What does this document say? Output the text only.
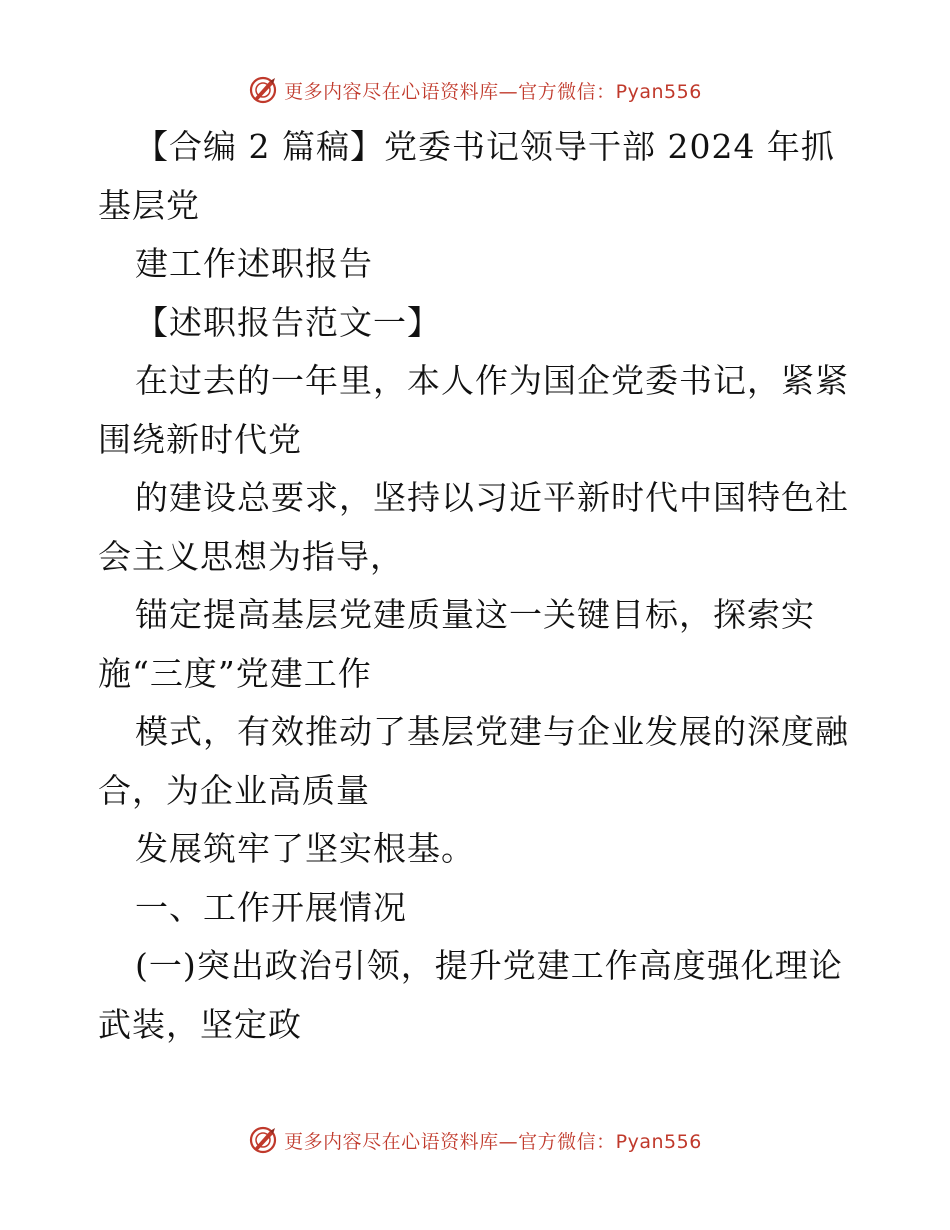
更多内容尽在心语资料库—官方微信：Pyan556
【合编 2 篇稿】党委书记领导干部 2024 年抓
基层党
建工作述职报告
【述职报告范文一】
在过去的一年里，本人作为国企党委书记，紧紧
围绕新时代党
的建设总要求，坚持以习近平新时代中国特色社
会主义思想为指导，
锚定提高基层党建质量这一关键目标，探索实
施“三度”党建工作
模式，有效推动了基层党建与企业发展的深度融
合，为企业高质量
发展筑牢了坚实根基。
一、工作开展情况
(一)突出政治引领，提升党建工作高度强化理论
武装，坚定政
更多内容尽在心语资料库—官方微信：Pyan556
